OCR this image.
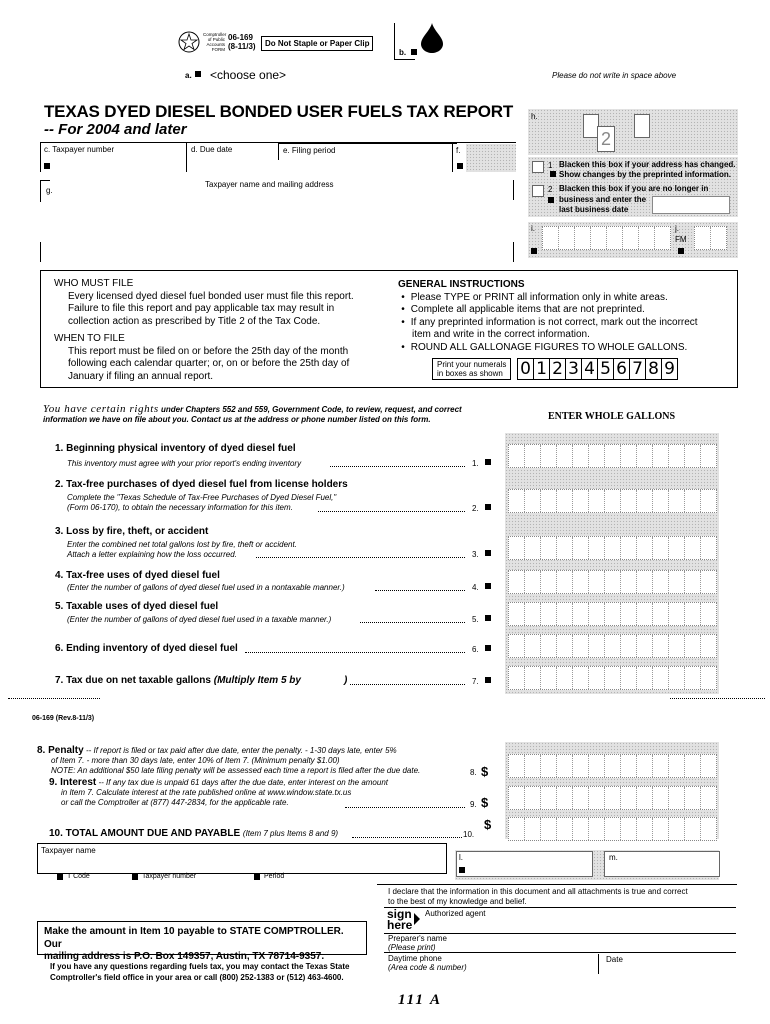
Comptroller
of Public
Accounts
FORM
06-169
(8-11/3)	Do Not Staple or Paper Clip
b.
a. <choose one>	Please do not write in space above
TEXAS DYED DIESEL BONDED USER FUELS TAX REPORT
-- For 2004 and later
h.
2
1 Blacken this box if your address has changed.
Show changes by the preprinted information.
2 Blacken this box if you are no longer in
business and enter the
last business date
c. Taxpayer number	d. Due date	e. Filing period	f.
g.
Taxpayer name and mailing address
i.	j.
FM
WHO MUST FILE
Every licensed dyed diesel fuel bonded user must file this report.
Failure to file this report and pay applicable tax may result in
collection action as prescribed by Title 2 of the Tax Code.
WHEN TO FILE
This report must be filed on or before the 25th day of the month
following each calendar quarter; or, on or before the 25th day of
January if filing an annual report.
GENERAL INSTRUCTIONS
• Please TYPE or PRINT all information only in white areas.
• Complete all applicable items that are not preprinted.
• If any preprinted information is not correct, mark out the incorrect
item and write in the correct information.
• ROUND ALL GALLONAGE FIGURES TO WHOLE GALLONS.
Print your numerals
in boxes as shown 0 1 2 3 4 5 6 7 8 9
You have certain rights under Chapters 552 and 559, Government Code, to review, request, and correct
information we have on file about you. Contact us at the address or phone number listed on this form.	ENTER WHOLE GALLONS
1. Beginning physical inventory of dyed diesel fuel
This inventory must agree with your prior report's ending inventory	1.
2. Tax-free purchases of dyed diesel fuel from license holders
Complete the "Texas Schedule of Tax-Free Purchases of Dyed Diesel Fuel,"
(Form 06-170), to obtain the necessary information for this item.	2.
3. Loss by fire, theft, or accident
Enter the combined net total gallons lost by fire, theft or accident.
Attach a letter explaining how the loss occurred.	3.
4. Tax-free uses of dyed diesel fuel
(Enter the number of gallons of dyed diesel fuel used in a nontaxable manner.)	4.
5. Taxable uses of dyed diesel fuel
(Enter the number of gallons of dyed diesel fuel used in a taxable manner.)	5.
6. Ending inventory of dyed diesel fuel	6.
7. Tax due on net taxable gallons (Multiply Item 5 by	)	7.
06-169 (Rev.8-11/3)
8. Penalty -- If report is filed or tax paid after due date, enter the penalty. - 1-30 days late, enter 5%
of Item 7. - more than 30 days late, enter 10% of Item 7. (Minimum penalty $1.00)
NOTE: An additional $50 late filing penalty will be assessed each time a report is filed after the due date.	8. $
9. Interest -- If any tax due is unpaid 61 days after the due date, enter interest on the amount
in Item 7. Calculate interest at the rate published online at www.window.state.tx.us
or call the Comptroller at (877) 447-2834, for the applicable rate.	9. $
10. TOTAL AMOUNT DUE AND PAYABLE (Item 7 plus Items 8 and 9)	10.
$
Taxpayer name
l.	m.
T Code	Taxpayer number	Period
I declare that the information in this document and all attachments is true and correct
to the best of my knowledge and belief.
sign
here
Authorized agent
Preparer's name
(Please print)
Daytime phone
(Area code & number)
Date
Make the amount in Item 10 payable to STATE COMPTROLLER. Our
mailing address is P.O. Box 149357, Austin, TX 78714-9357.
If you have any questions regarding fuels tax, you may contact the Texas State
Comptroller's field office in your area or call (800) 252-1383 or (512) 463-4600.
111 A
